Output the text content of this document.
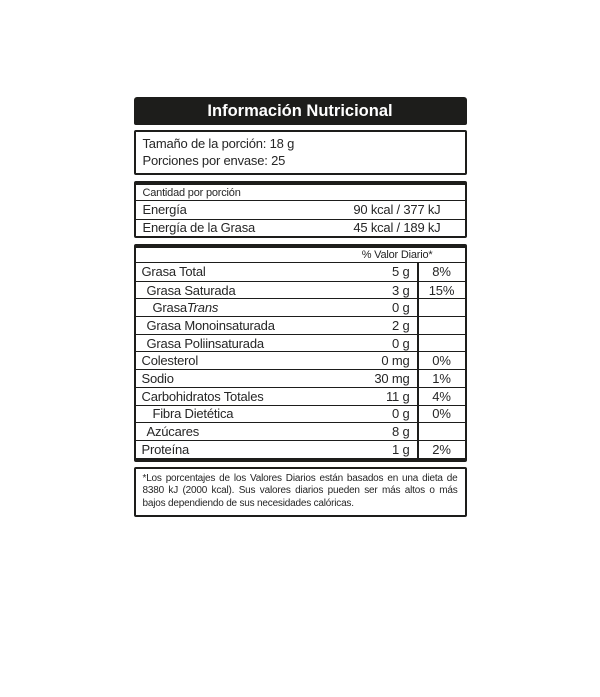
Información Nutricional
Tamaño de la porción: 18 g
Porciones por envase: 25
Cantidad por porción
Energía	90 kcal / 377 kJ
Energía de la Grasa	45 kcal / 189 kJ
% Valor Diario*
Grasa Total	5 g	8%
Grasa Saturada	3 g	15%
Grasa Trans	0 g
Grasa Monoinsaturada	2 g
Grasa Poliinsaturada	0 g
Colesterol	0 mg	0%
Sodio	30 mg	1%
Carbohidratos Totales	11 g	4%
Fibra Dietética	0 g	0%
Azúcares	8 g
Proteína	1 g	2%

*Los porcentajes de los Valores Diarios están basados en una dieta de 8380 kJ (2000 kcal). Sus valores diarios pueden ser más altos o más bajos dependiendo de sus necesidades calóricas.
